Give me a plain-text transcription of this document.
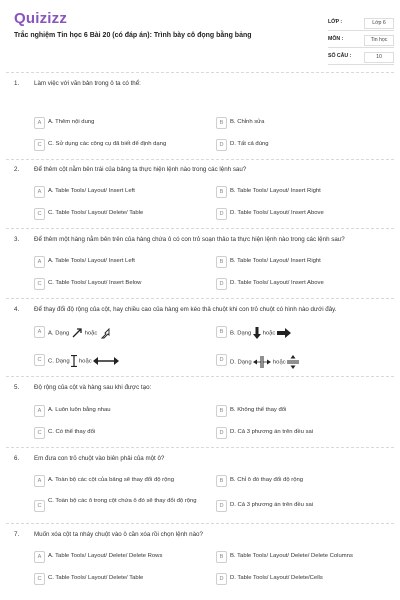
Quizizz
Trắc nghiệm Tin học 6 Bài 20 (có đáp án): Trình bày cô đọng bằng bảng
LỚP :	Lớp 6
MÔN :	Tin học
SỐ CÂU :	10
1. Làm việc với văn bản trong ô ta có thể:
A	A. Thêm nội dung	B	B. Chỉnh sửa
C	C. Sử dụng các công cụ đã biết để định dạng	D	D. Tất cả đúng
2. Để thêm cột nằm bên trái của bảng ta thực hiện lệnh nào trong các lệnh sau?
A	A. Table Tools/ Layout/ Insert Left	B	B. Table Tools/ Layout/ Insert Right
C	C. Table Tools/ Layout/ Delete/ Table	D	D. Table Tools/ Layout/ Insert Above
3. Để thêm một hàng nằm bên trên của hàng chứa ô có con trỏ soạn thảo ta thực hiện lệnh nào trong các lệnh sau?
A	A. Table Tools/ Layout/ Insert Left	B	B. Table Tools/ Layout/ Insert Right
C	C. Table Tools/ Layout/ Insert Below	D	D. Table Tools/ Layout/ Insert Above
4. Để thay đổi độ rộng của cột, hay chiều cao của hàng em kéo thả chuột khi con trỏ chuột có hình nào dưới đây.
A	A. Dạng	hoặc	B	B. Dạng hoặc
C	C. Dạng hoặc	D	D. Dạng	hoặc
5. Độ rộng của cột và hàng sau khi được tạo:
A	A. Luôn luôn bằng nhau	B	B. Không thể thay đổi
C	C. Có thể thay đổi	D	D. Cả 3 phương án trên đều sai
6. Em đưa con trỏ chuột vào biên phải của một ô?
A	A. Toàn bộ các cột của bảng sẽ thay đổi độ rộng	B	B. Chỉ ô đó thay đổi độ rộng
C
C. Toàn bộ các ô trong cột chứa ô đó sẽ thay đổi độ rộng
D	D. Cả 3 phương án trên đều sai
7. Muốn xóa cột ta nháy chuột vào ô cần xóa rồi chọn lệnh nào?
A	A. Table Tools/ Layout/ Delete/ Delete Rows	B	B. Table Tools/ Layout/ Delete/ Delete Columns
C	C. Table Tools/ Layout/ Delete/ Table	D	D. Table Tools/ Layout/ Delete/Cells
